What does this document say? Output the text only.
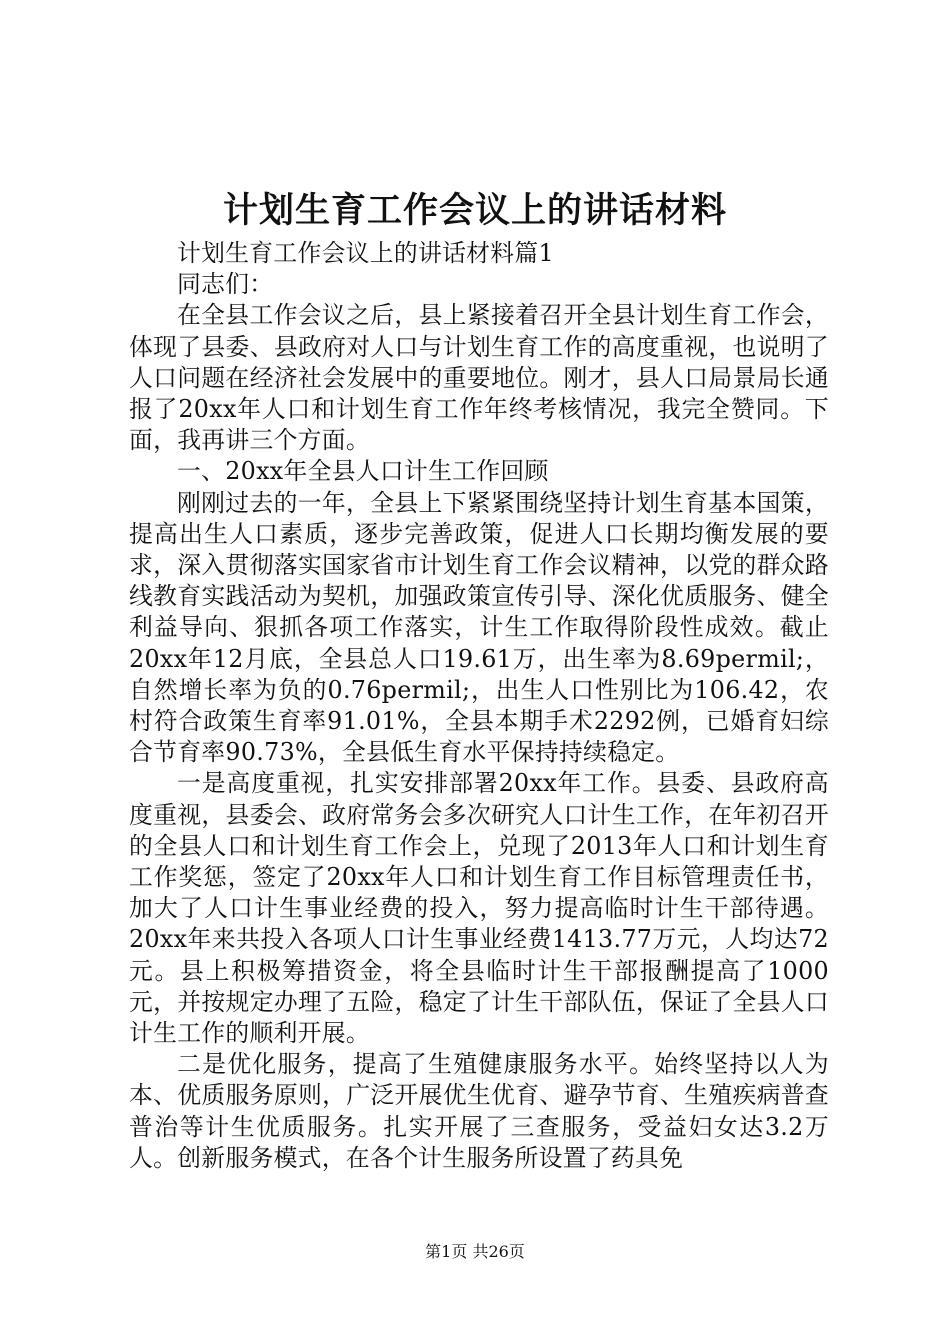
计划生育工作会议上的讲话材料

计划生育工作会议上的讲话材料篇1

同志们：

在全县工作会议之后，县上紧接着召开全县计划生育工作会，体现了县委、县政府对人口与计划生育工作的高度重视，也说明了人口问题在经济社会发展中的重要地位。刚才，县人口局景局长通报了20xx年人口和计划生育工作年终考核情况，我完全赞同。下面，我再讲三个方面。

一、20xx年全县人口计生工作回顾

刚刚过去的一年，全县上下紧紧围绕坚持计划生育基本国策，提高出生人口素质，逐步完善政策，促进人口长期均衡发展的要求，深入贯彻落实国家省市计划生育工作会议精神，以党的群众路线教育实践活动为契机，加强政策宣传引导、深化优质服务、健全利益导向、狠抓各项工作落实，计生工作取得阶段性成效。截止20xx年12月底，全县总人口19.61万，出生率为8.69permil;，自然增长率为负的0.76permil;，出生人口性别比为106.42，农村符合政策生育率91.01%，全县本期手术2292例，已婚育妇综合节育率90.73%，全县低生育水平保持持续稳定。

一是高度重视，扎实安排部署20xx年工作。县委、县政府高度重视，县委会、政府常务会多次研究人口计生工作，在年初召开的全县人口和计划生育工作会上，兑现了2013年人口和计划生育工作奖惩，签定了20xx年人口和计划生育工作目标管理责任书，加大了人口计生事业经费的投入，努力提高临时计生干部待遇。20xx年来共投入各项人口计生事业经费1413.77万元，人均达72元。县上积极筹措资金，将全县临时计生干部报酬提高了1000元，并按规定办理了五险，稳定了计生干部队伍，保证了全县人口计生工作的顺利开展。

二是优化服务，提高了生殖健康服务水平。始终坚持以人为本、优质服务原则，广泛开展优生优育、避孕节育、生殖疾病普查普治等计生优质服务。扎实开展了三查服务，受益妇女达3.2万人。创新服务模式，在各个计生服务所设置了药具免

第1页 共26页
